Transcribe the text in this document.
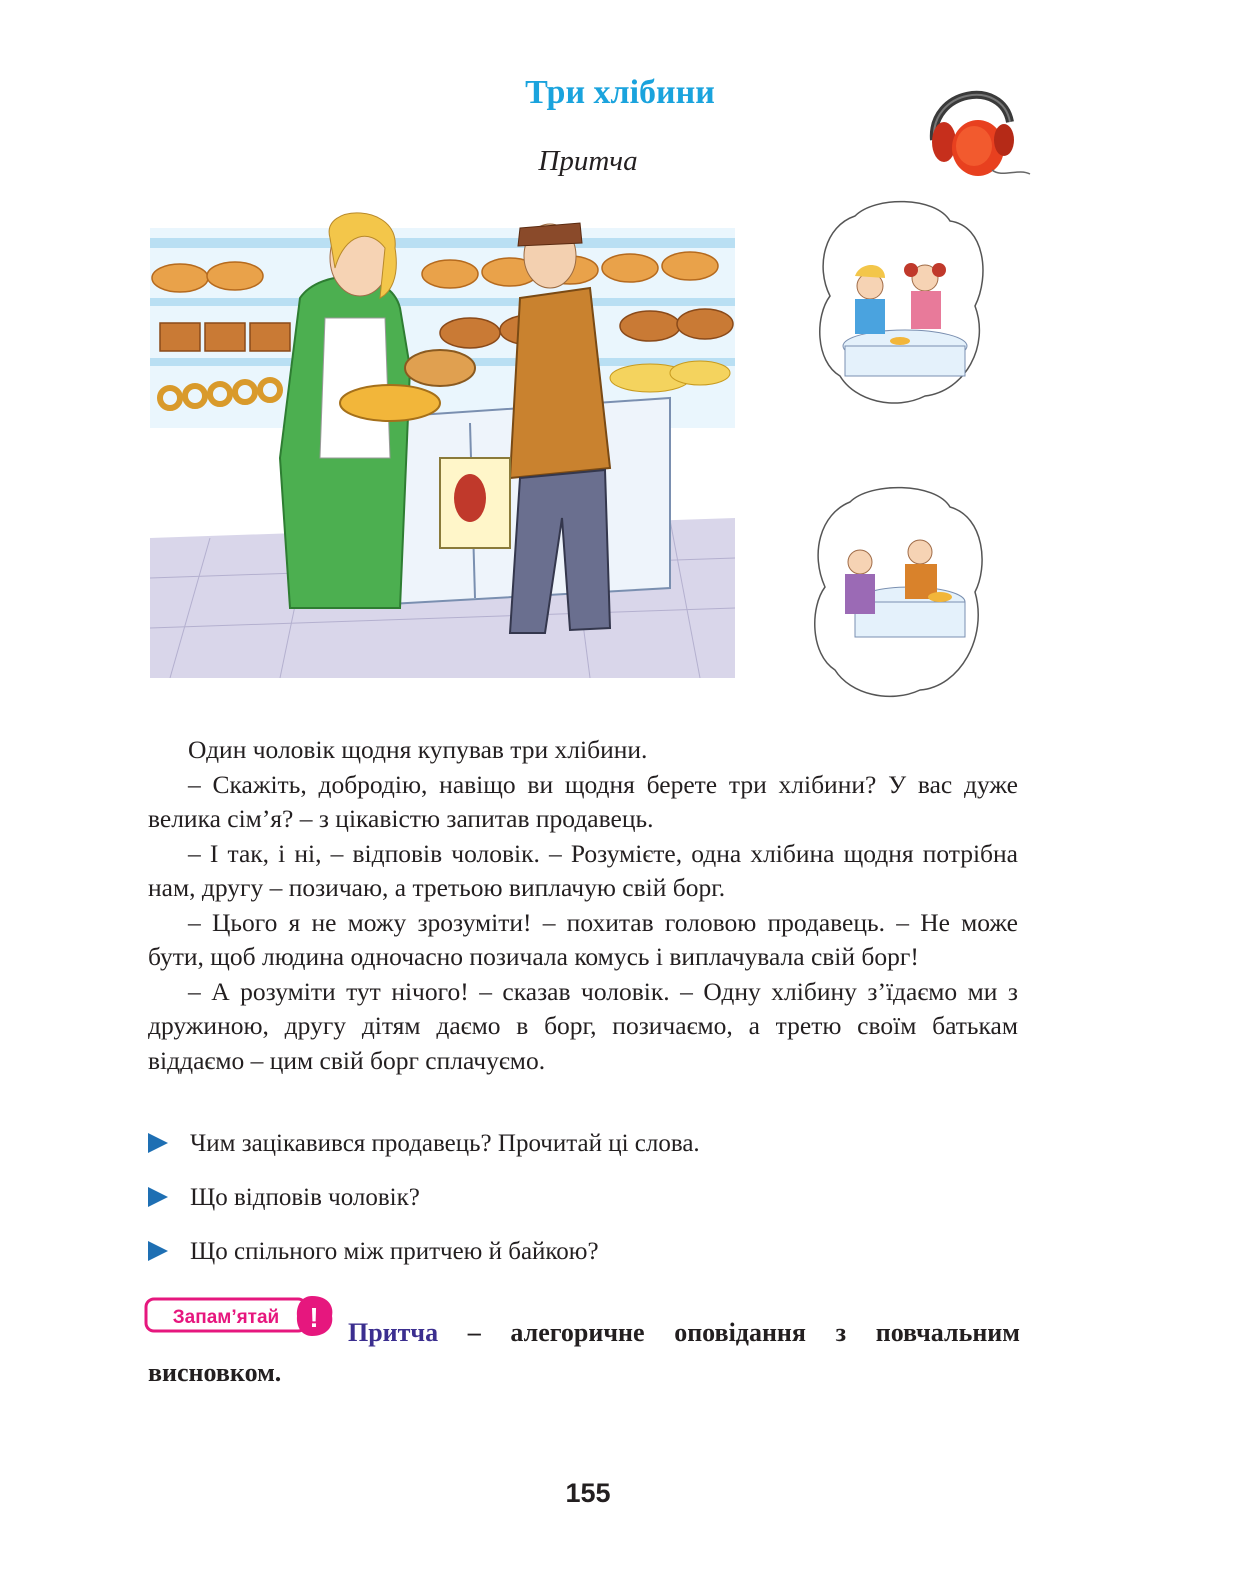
Три хлібини
Притча

Один чоловік щодня купував три хлібини.

– Скажіть, добродію, навіщо ви щодня берете три хлібини? У вас дуже велика сім’я? – з цікавістю запитав продавець.

– І так, і ні, – відповів чоловік. – Розумієте, одна хлібина щодня потрібна нам, другу – позичаю, а третьою виплачую свій борг.

– Цього я не можу зрозуміти! – похитав головою продавець. – Не може бути, щоб людина одночасно позичала комусь і виплачувала свій борг!

– А розуміти тут нічого! – сказав чоловік. – Одну хлібину з’їдаємо ми з дружиною, другу дітям даємо в борг, позичаємо, а третю своїм батькам віддаємо – цим свій борг сплачуємо.

Чим зацікавився продавець? Прочитай ці слова.
Що відповів чоловік?
Що спільного між притчею й байкою?
Запам’ятай !	Притча – алегоричне оповідання з повчальним висновком.
155
